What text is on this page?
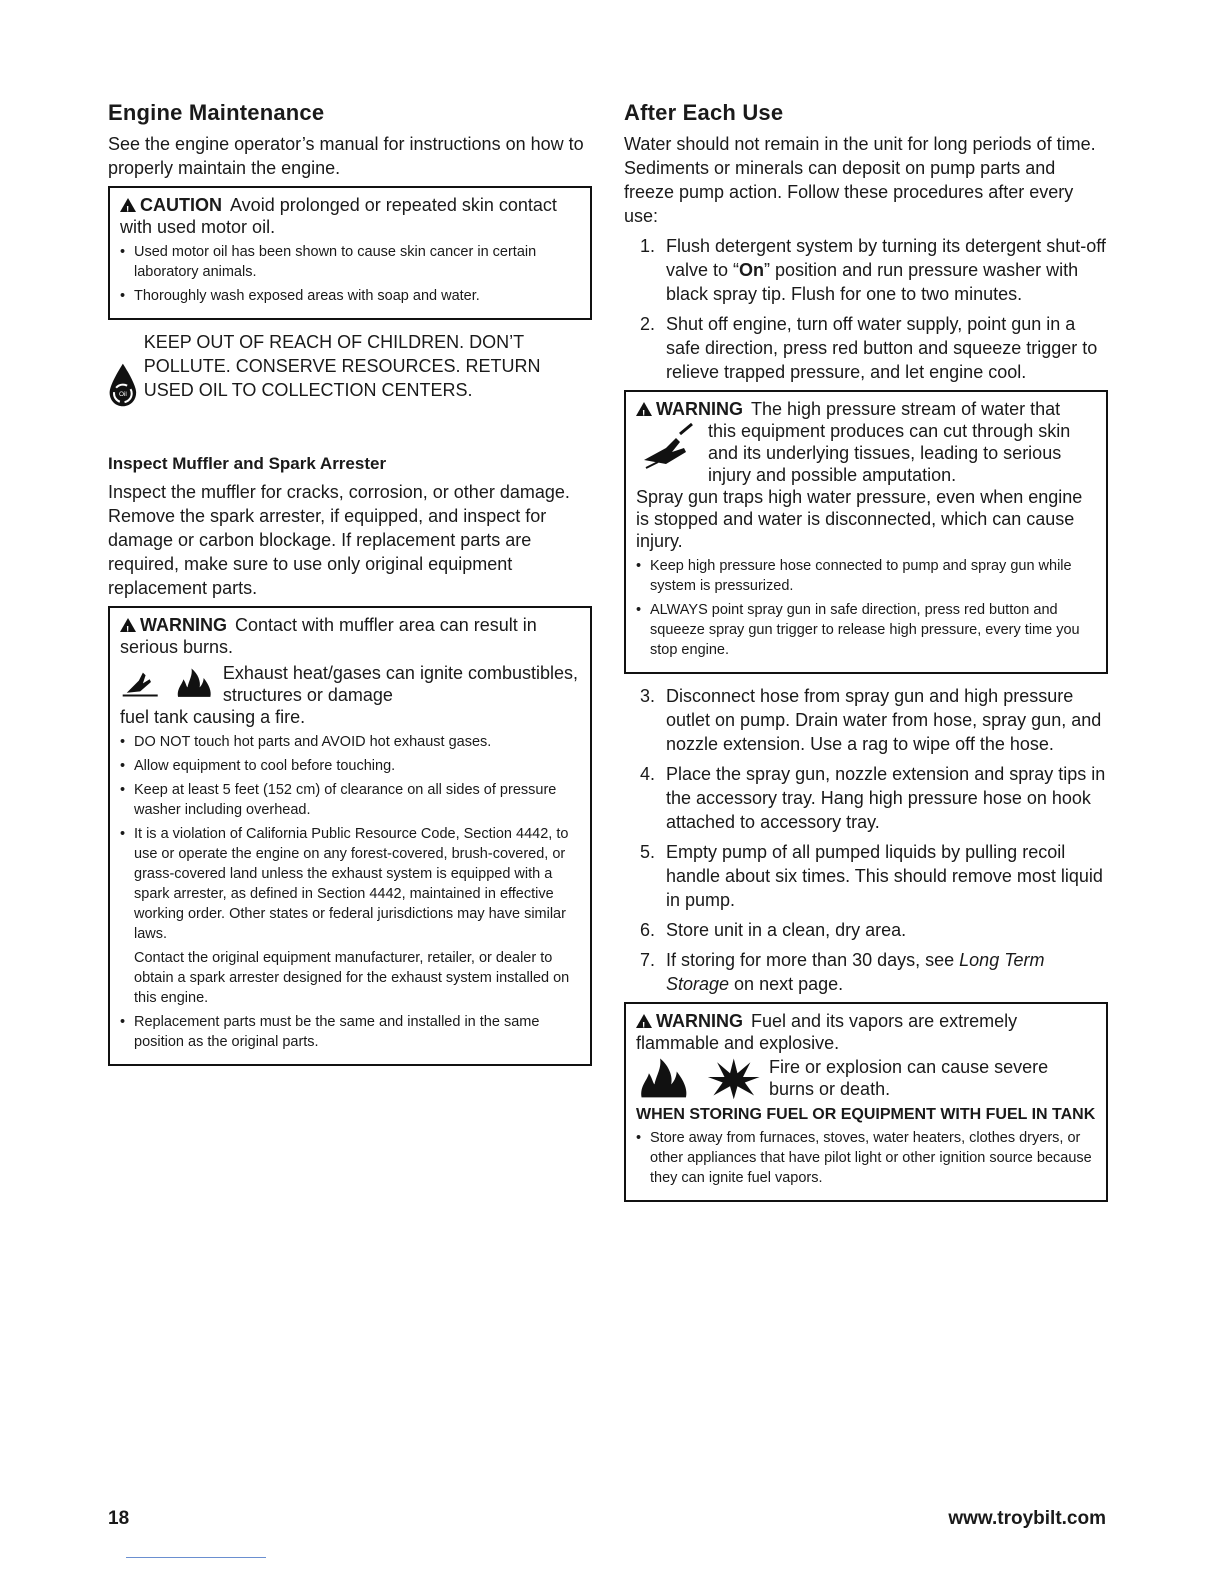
Engine Maintenance

See the engine operator’s manual for instructions on how to properly maintain the engine.

!CAUTION Avoid prolonged or repeated skin contact with used motor oil.

• Used motor oil has been shown to cause skin cancer in certain laboratory animals.
• Thoroughly wash exposed areas with soap and water.
Oil
KEEP OUT OF REACH OF CHILDREN. DON’T POLLUTE. CONSERVE RESOURCES. RETURN USED OIL TO COLLECTION CENTERS.
Inspect Muffler and Spark Arrester

Inspect the muffler for cracks, corrosion, or other damage. Remove the spark arrester, if equipped, and inspect for damage or carbon blockage. If replacement parts are required, make sure to use only original equipment replacement parts.

!WARNING Contact with muffler area can result in serious burns.

Exhaust heat/gases can ignite combustibles, structures or damage

fuel tank causing a fire.

• DO NOT touch hot parts and AVOID hot exhaust gases.
• Allow equipment to cool before touching.
• Keep at least 5 feet (152 cm) of clearance on all sides of pressure washer including overhead.
• It is a violation of California Public Resource Code, Section 4442, to use or operate the engine on any forest-covered, brush-covered, or grass-covered land unless the exhaust system is equipped with a spark arrester, as defined in Section 4442, maintained in effective working order. Other states or federal jurisdictions may have similar laws.

Contact the original equipment manufacturer, retailer, or dealer to obtain a spark arrester designed for the exhaust system installed on this engine.

• Replacement parts must be the same and installed in the same position as the original parts.
After Each Use

Water should not remain in the unit for long periods of time. Sediments or minerals can deposit on pump parts and freeze pump action. Follow these procedures after every use:

1. Flush detergent system by turning its detergent shut-off valve to “On” position and run pressure washer with black spray tip. Flush for one to two minutes.
2. Shut off engine, turn off water supply, point gun in a safe direction, press red button and squeeze trigger to relieve trapped pressure, and let engine cool.

!WARNING The high pressure stream of water that

this equipment produces can cut through skin and its underlying tissues, leading to serious injury and possible amputation.

Spray gun traps high water pressure, even when engine is stopped and water is disconnected, which can cause injury.

• Keep high pressure hose connected to pump and spray gun while system is pressurized.
• ALWAYS point spray gun in safe direction, press red button and squeeze spray gun trigger to release high pressure, every time you stop engine.
3. Disconnect hose from spray gun and high pressure outlet on pump. Drain water from hose, spray gun, and nozzle extension. Use a rag to wipe off the hose.
4. Place the spray gun, nozzle extension and spray tips in the accessory tray. Hang high pressure hose on hook attached to accessory tray.
5. Empty pump of all pumped liquids by pulling recoil handle about six times. This should remove most liquid in pump.
6. Store unit in a clean, dry area.
7. If storing for more than 30 days, see Long Term Storage on next page.

!WARNING Fuel and its vapors are extremely flammable and explosive.

Fire or explosion can cause severe burns or death.
WHEN STORING FUEL OR EQUIPMENT WITH FUEL IN TANK
• Store away from furnaces, stoves, water heaters, clothes dryers, or other appliances that have pilot light or other ignition source because they can ignite fuel vapors.
18	www.troybilt.com
